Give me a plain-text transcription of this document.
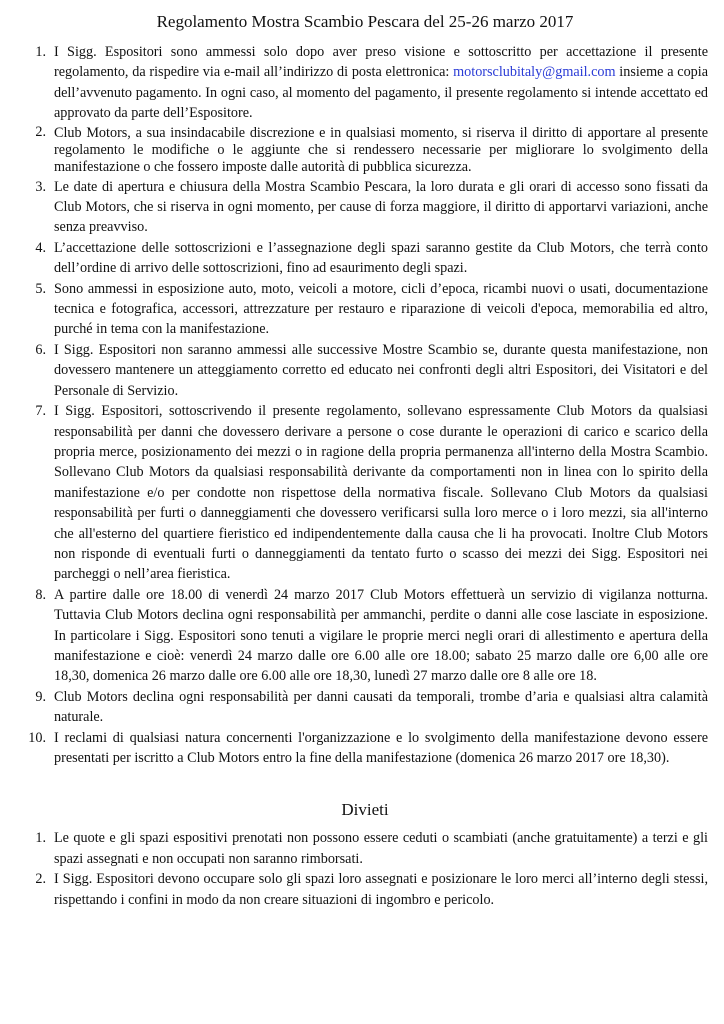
Regolamento Mostra Scambio Pescara del 25-26 marzo 2017
1. I Sigg. Espositori sono ammessi solo dopo aver preso visione e sottoscritto per accettazione il presente regolamento, da rispedire via e-mail all’indirizzo di posta elettronica: motorsclubitaly@gmail.com insieme a copia dell’avvenuto pagamento. In ogni caso, al momento del pagamento, il presente regolamento si intende accettato ed approvato da parte dell’Espositore.
2. Club Motors, a sua insindacabile discrezione e in qualsiasi momento, si riserva il diritto di apportare al presente regolamento le modifiche o le aggiunte che si rendessero necessarie per migliorare lo svolgimento della manifestazione o che fossero imposte dalle autorità di pubblica sicurezza.
3. Le date di apertura e chiusura della Mostra Scambio Pescara, la loro durata e gli orari di accesso sono fissati da Club Motors, che si riserva in ogni momento, per cause di forza maggiore, il diritto di apportarvi variazioni, anche senza preavviso.
4. L’accettazione delle sottoscrizioni e l’assegnazione degli spazi saranno gestite da Club Motors, che terrà conto dell’ordine di arrivo delle sottoscrizioni, fino ad esaurimento degli spazi.
5. Sono ammessi in esposizione auto, moto, veicoli a motore, cicli d’epoca, ricambi nuovi o usati, documentazione tecnica e fotografica, accessori, attrezzature per restauro e riparazione di veicoli d'epoca, memorabilia ed altro, purché in tema con la manifestazione.
6. I Sigg. Espositori non saranno ammessi alle successive Mostre Scambio se, durante questa manifestazione, non dovessero mantenere un atteggiamento corretto ed educato nei confronti degli altri Espositori, dei Visitatori e del Personale di Servizio.
7. I Sigg. Espositori, sottoscrivendo il presente regolamento, sollevano espressamente Club Motors da qualsiasi responsabilità per danni che dovessero derivare a persone o cose durante le operazioni di carico e scarico della propria merce, posizionamento dei mezzi o in ragione della propria permanenza all'interno della Mostra Scambio. Sollevano Club Motors da qualsiasi responsabilità derivante da comportamenti non in linea con lo spirito della manifestazione e/o per condotte non rispettose della normativa fiscale. Sollevano Club Motors da qualsiasi responsabilità per furti o danneggiamenti che dovessero verificarsi sulla loro merce o i loro mezzi, sia all'interno che all'esterno del quartiere fieristico ed indipendentemente dalla causa che li ha provocati. Inoltre Club Motors non risponde di eventuali furti o danneggiamenti da tentato furto o scasso dei mezzi dei Sigg. Espositori nei parcheggi o nell’area fieristica.
8. A partire dalle ore 18.00 di venerdì 24 marzo 2017 Club Motors effettuerà un servizio di vigilanza notturna. Tuttavia Club Motors declina ogni responsabilità per ammanchi, perdite o danni alle cose lasciate in esposizione. In particolare i Sigg. Espositori sono tenuti a vigilare le proprie merci negli orari di allestimento e apertura della manifestazione e cioè: venerdì 24 marzo dalle ore 6.00 alle ore 18.00; sabato 25 marzo dalle ore 6,00 alle ore 18,30, domenica 26 marzo dalle ore 6.00 alle ore 18,30, lunedì 27 marzo dalle ore 8 alle ore 18.
9. Club Motors declina ogni responsabilità per danni causati da temporali, trombe d’aria e qualsiasi altra calamità naturale.
10. I reclami di qualsiasi natura concernenti l'organizzazione e lo svolgimento della manifestazione devono essere presentati per iscritto a Club Motors entro la fine della manifestazione (domenica 26 marzo 2017 ore 18,30).
Divieti
1. Le quote e gli spazi espositivi prenotati non possono essere ceduti o scambiati (anche gratuitamente) a terzi e gli spazi assegnati e non occupati non saranno rimborsati.
2. I Sigg. Espositori devono occupare solo gli spazi loro assegnati e posizionare le loro merci all’interno degli stessi, rispettando i confini in modo da non creare situazioni di ingombro e pericolo.
